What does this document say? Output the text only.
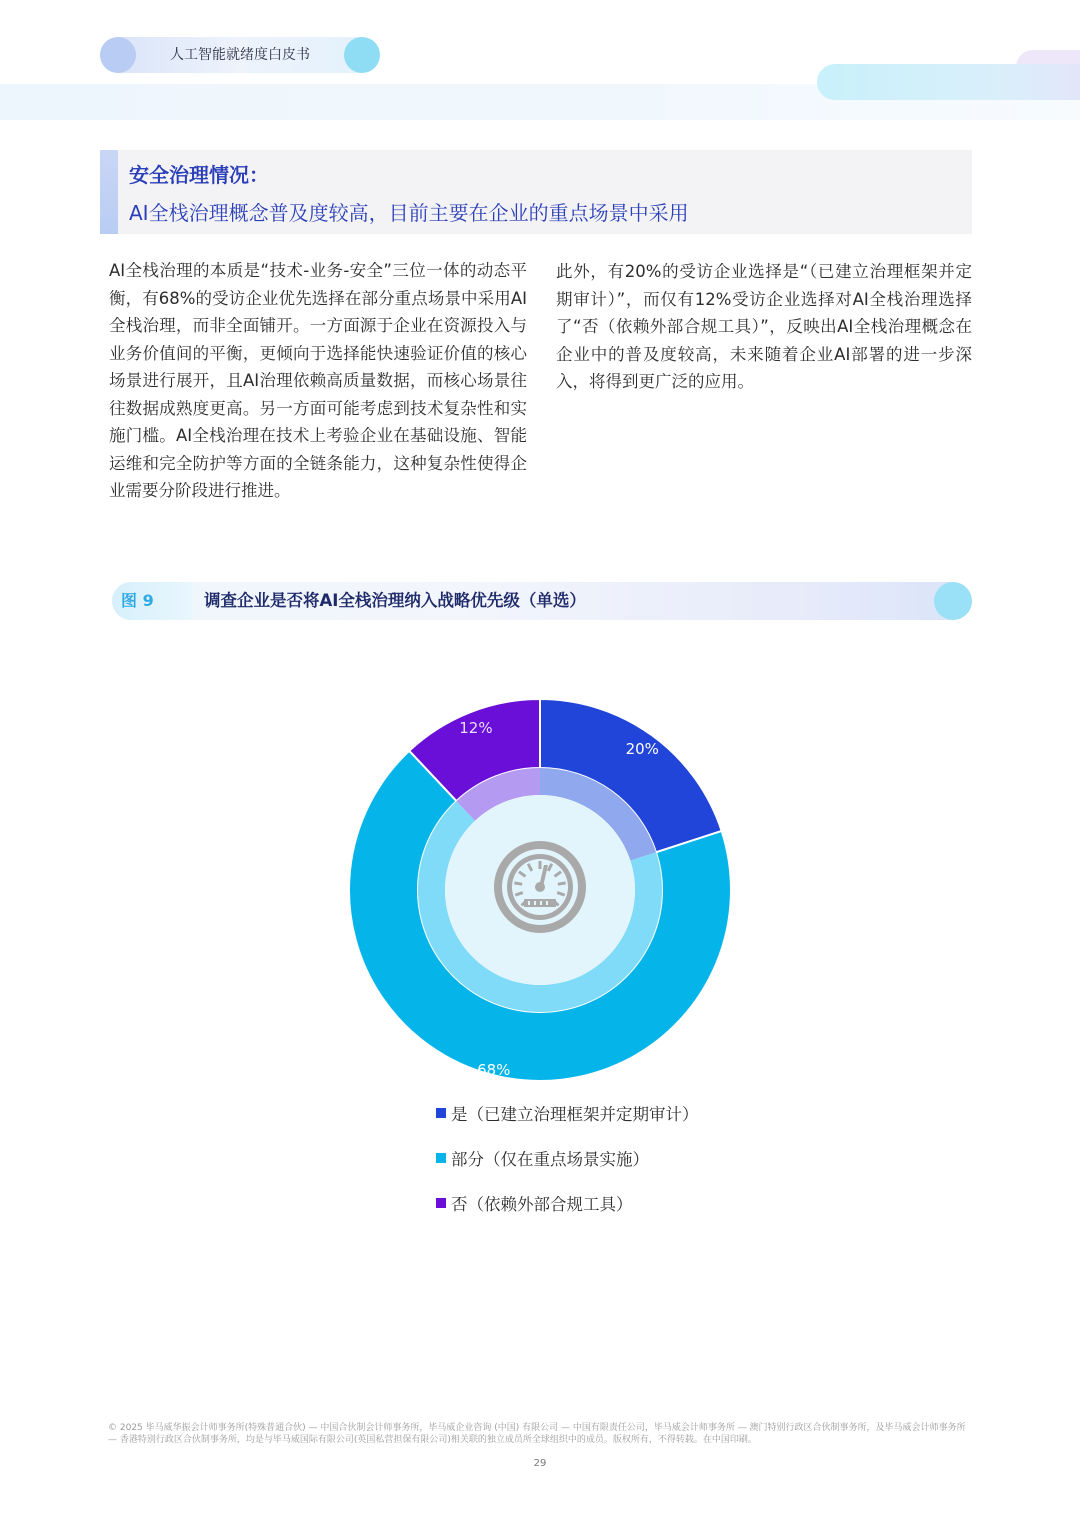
人工智能就绪度白皮书
安全治理情况：
AI全栈治理概念普及度较高，目前主要在企业的重点场景中采用
AI全栈治理的本质是“技术-业务-安全”三位一体的动态平衡，有68%的受访企业优先选择在部分重点场景中采用AI全栈治理，而非全面铺开。一方面源于企业在资源投入与业务价值间的平衡，更倾向于选择能快速验证价值的核心场景进行展开，且AI治理依赖高质量数据，而核心场景往往数据成熟度更高。另一方面可能考虑到技术复杂性和实施门槛。AI全栈治理在技术上考验企业在基础设施、智能运维和完全防护等方面的全链条能力，这种复杂性使得企业需要分阶段进行推进。
此外，有20%的受访企业选择是“（已建立治理框架并定期审计）”，而仅有12%受访企业选择对AI全栈治理选择了“否（依赖外部合规工具）”，反映出AI全栈治理概念在企业中的普及度较高，未来随着企业AI部署的进一步深入，将得到更广泛的应用。
图 9	调查企业是否将AI全栈治理纳入战略优先级（单选）
20%
68%
12%
是（已建立治理框架并定期审计）
部分（仅在重点场景实施）
否（依赖外部合规工具）
© 2025 毕马威华振会计师事务所(特殊普通合伙) — 中国合伙制会计师事务所，毕马威企业咨询 (中国) 有限公司 — 中国有限责任公司，毕马威会计师事务所 — 澳门特别行政区合伙制事务所，及毕马威会计师事务所 — 香港特别行政区合伙制事务所，均是与毕马威国际有限公司(英国私营担保有限公司)相关联的独立成员所全球组织中的成员。版权所有，不得转载。在中国印刷。
29
